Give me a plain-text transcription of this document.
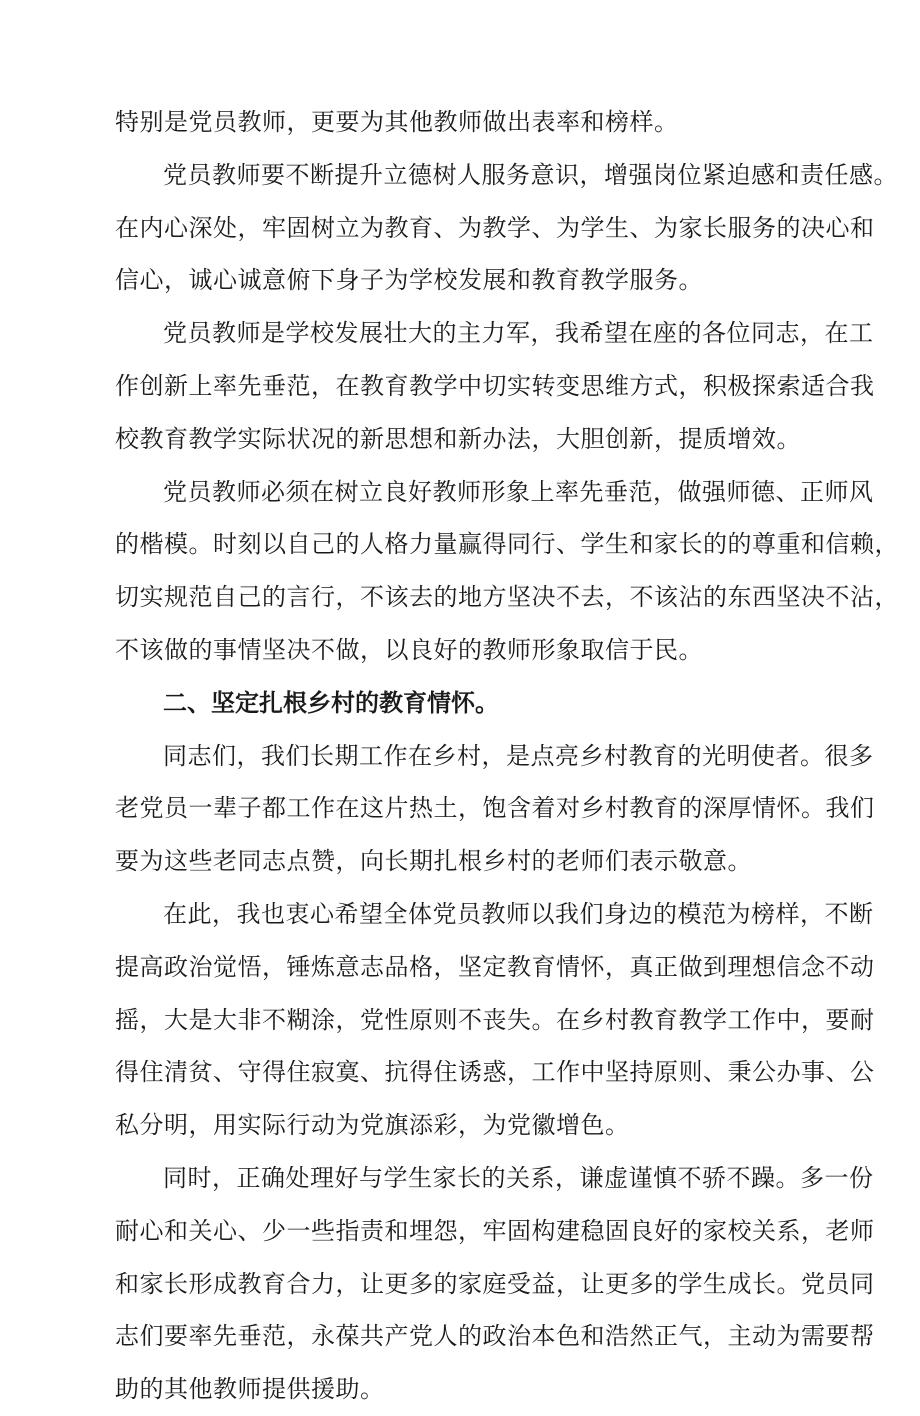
特别是党员教师，更要为其他教师做出表率和榜样。
党员教师要不断提升立德树人服务意识，增强岗位紧迫感和责任感。
在内心深处，牢固树立为教育、为教学、为学生、为家长服务的决心和
信心，诚心诚意俯下身子为学校发展和教育教学服务。
党员教师是学校发展壮大的主力军，我希望在座的各位同志，在工
作创新上率先垂范，在教育教学中切实转变思维方式，积极探索适合我
校教育教学实际状况的新思想和新办法，大胆创新，提质增效。
党员教师必须在树立良好教师形象上率先垂范，做强师德、正师风
的楷模。时刻以自己的人格力量赢得同行、学生和家长的的尊重和信赖，
切实规范自己的言行，不该去的地方坚决不去，不该沾的东西坚决不沾，
不该做的事情坚决不做，以良好的教师形象取信于民。
二、坚定扎根乡村的教育情怀。
同志们，我们长期工作在乡村，是点亮乡村教育的光明使者。很多
老党员一辈子都工作在这片热土，饱含着对乡村教育的深厚情怀。我们
要为这些老同志点赞，向长期扎根乡村的老师们表示敬意。
在此，我也衷心希望全体党员教师以我们身边的模范为榜样，不断
提高政治觉悟，锤炼意志品格，坚定教育情怀，真正做到理想信念不动
摇，大是大非不糊涂，党性原则不丧失。在乡村教育教学工作中，要耐
得住清贫、守得住寂寞、抗得住诱惑，工作中坚持原则、秉公办事、公
私分明，用实际行动为党旗添彩，为党徽增色。
同时，正确处理好与学生家长的关系，谦虚谨慎不骄不躁。多一份
耐心和关心、少一些指责和埋怨，牢固构建稳固良好的家校关系，老师
和家长形成教育合力，让更多的家庭受益，让更多的学生成长。党员同
志们要率先垂范，永葆共产党人的政治本色和浩然正气，主动为需要帮
助的其他教师提供援助。
